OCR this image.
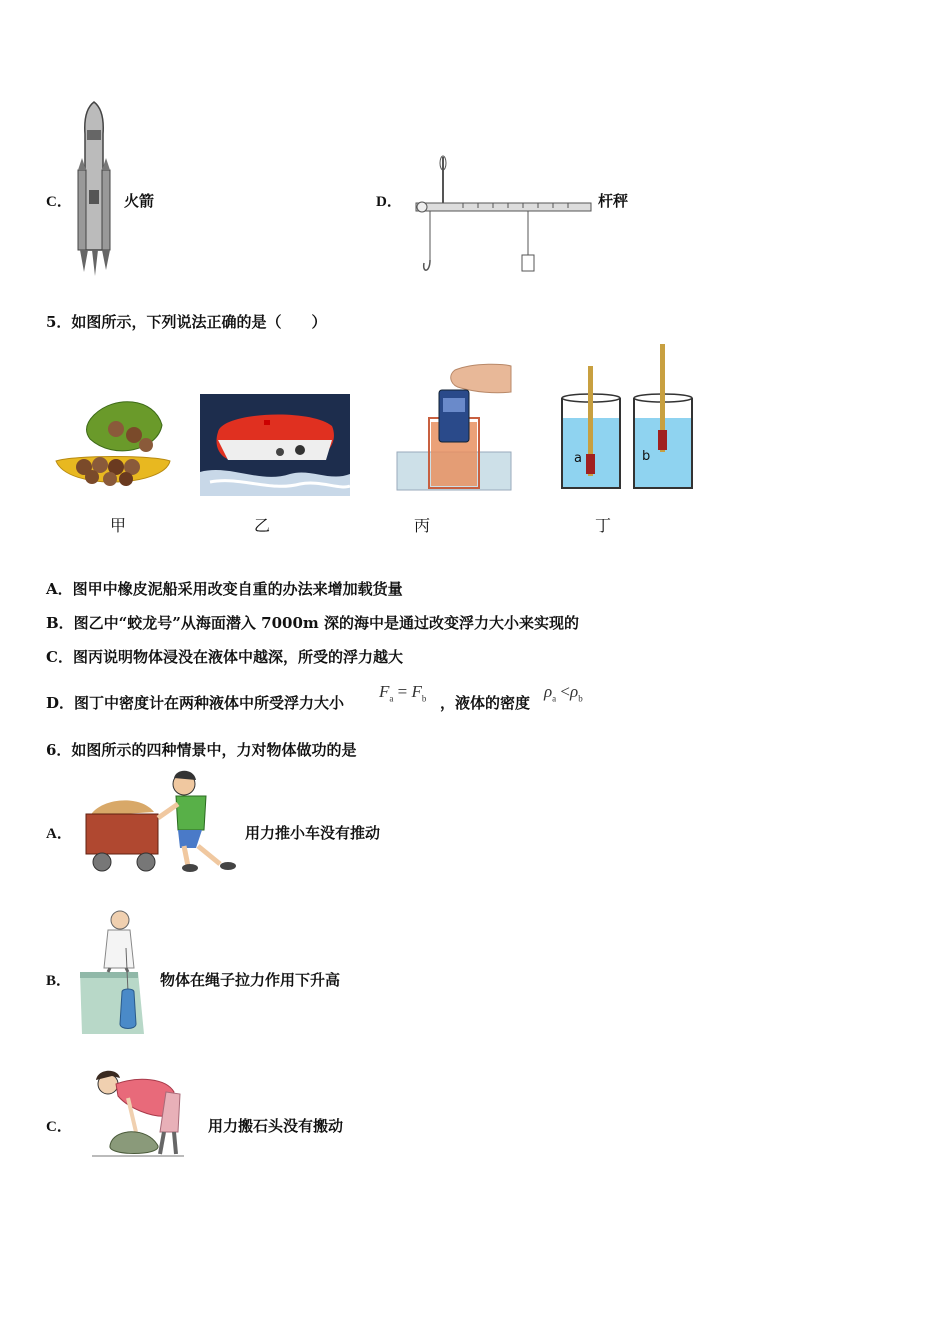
C．	火箭	D．	杆秤
5．如图所示，下列说法正确的是（　　）
a	b
甲	乙	丙	丁
A．图甲中橡皮泥船采用改变自重的办法来增加载货量
B．图乙中“蛟龙号”从海面潜入 7000m 深的海中是通过改变浮力大小来实现的
C．图丙说明物体浸没在液体中越深，所受的浮力越大
D．图丁中密度计在两种液体中所受浮力大小
$F_a = F_b$ ，液体的密度
$\rho_a <\rho_b$
6．如图所示的四种情景中，力对物体做功的是
A．	用力推小车没有推动
B．	物体在绳子拉力作用下升高
C．	用力搬石头没有搬动
